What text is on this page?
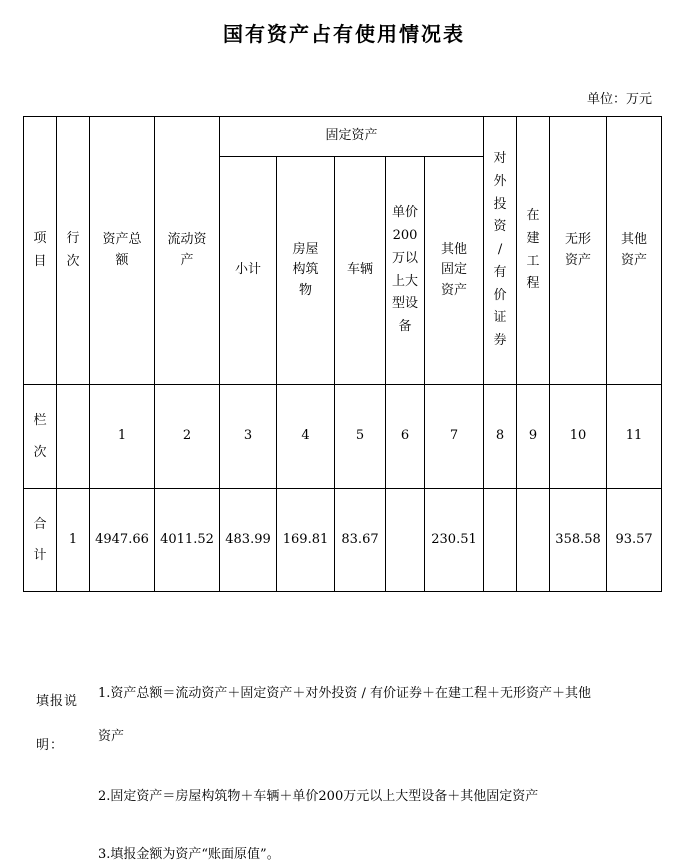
国有资产占有使用情况表
单位：万元
项目	行次	资产总额	流动资产	固定资产					对外投资/有价证券	在建工程	无形资产	其他资产
				小计	房屋构筑物	车辆	单价200万以上大型设备	其他固定资产				
栏次		1	2	3	4	5	6	7	8	9	10	11
合计	1	4947.66	4011.52	483.99	169.81	83.67		230.51			358.58	93.57
填报说明：
1.资产总额＝流动资产＋固定资产＋对外投资 / 有价证券＋在建工程＋无形资产＋其他
资产
2.固定资产＝房屋构筑物＋车辆＋单价200万元以上大型设备＋其他固定资产
3.填报金额为资产“账面原值”。
